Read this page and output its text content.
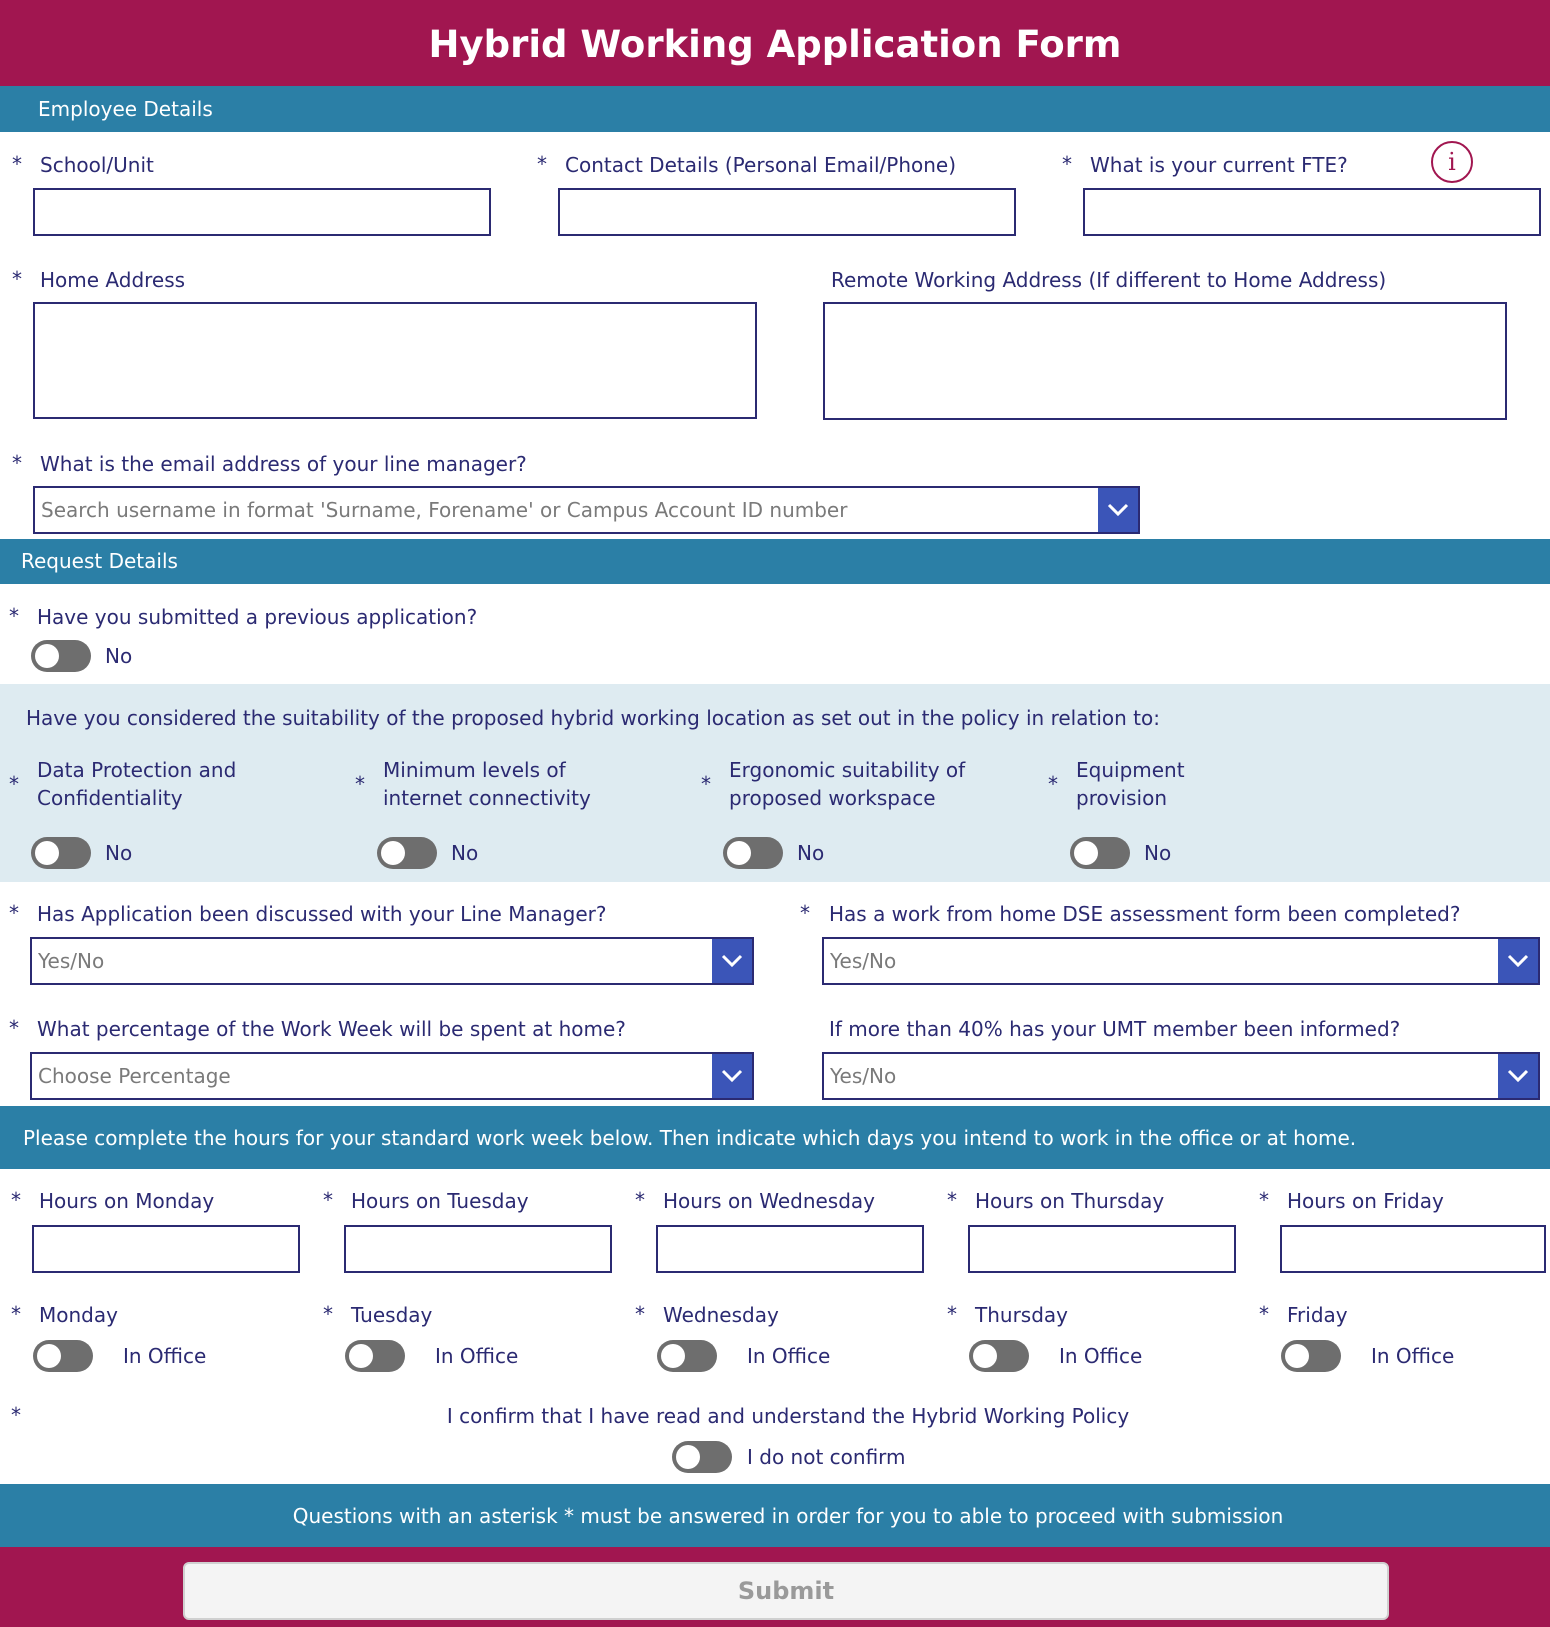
Hybrid Working Application Form
Employee Details
* School/Unit	* Contact Details (Personal Email/Phone)	* What is your current FTE?	i
* Home Address	Remote Working Address (If different to Home Address)
* What is the email address of your line manager?
Search username in format 'Surname, Forename' or Campus Account ID number
Request Details
* Have you submitted a previous application?
No
Have you considered the suitability of the proposed hybrid working location as set out in the policy in relation to:
*
Data Protection and
Confidentiality
No
*
Minimum levels of
internet connectivity
No
*
Ergonomic suitability of
proposed workspace
No
*
Equipment
provision
No
* Has Application been discussed with your Line Manager?
Yes/No
* Has a work from home DSE assessment form been completed?
Yes/No
* What percentage of the Work Week will be spent at home?
Choose Percentage
If more than 40% has your UMT member been informed?
Yes/No
Please complete the hours for your standard work week below. Then indicate which days you intend to work in the office or at home.
* Hours on Monday	* Hours on Tuesday	* Hours on Wednesday	* Hours on Thursday	* Hours on Friday
* Monday
In Office
* Tuesday
In Office
* Wednesday
In Office
* Thursday
In Office
* Friday
In Office
*	I confirm that I have read and understand the Hybrid Working Policy
I do not confirm
Questions with an asterisk * must be answered in order for you to able to proceed with submission
Submit
